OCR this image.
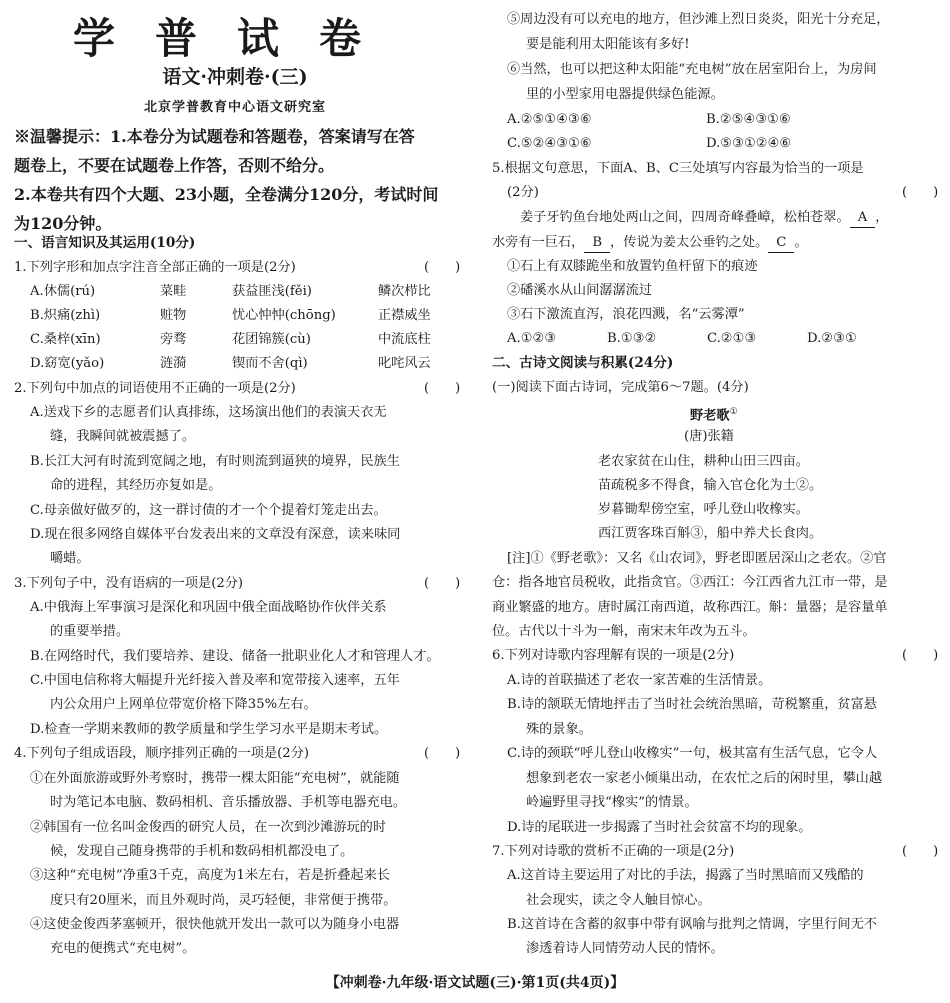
学普试卷
语文·冲刺卷·(三)
北京学普教育中心语文研究室
※温馨提示：1.本卷分为试题卷和答题卷，答案请写在答
题卷上，不要在试题卷上作答，否则不给分。
2.本卷共有四个大题、23小题，全卷满分120分，考试时间
为120分钟。
一、语言知识及其运用(10分)
1.下列字形和加点字注音全部正确的一项是(2分)	(　　)
A.休儒(rú)	菜畦	获益匪浅(fěi)	鳞次栉比
B.炽痛(zhì)	赃物	忧心忡忡(chōng)	正襟威坐
C.桑梓(xīn)	旁骛	花团锦簇(cù)	中流底柱
D.窈宽(yǎo)	涟漪	锲而不舍(qì)	叱咤风云
2.下列句中加点的词语使用不正确的一项是(2分)	(　　)
A.送戏下乡的志愿者们认真排练，这场演出他们的表演天衣无
缝，我瞬间就被震撼了。
B.长江大河有时流到宽阔之地，有时则流到逼狭的境界，民族生
命的进程，其经历亦复如是。
C.母亲做好做歹的，这一群讨债的才一个个提着灯笼走出去。
D.现在很多网络自媒体平台发表出来的文章没有深意，读来味同
嚼蜡。
3.下列句子中，没有语病的一项是(2分)	(　　)
A.中俄海上军事演习是深化和巩固中俄全面战略协作伙伴关系
的重要举措。
B.在网络时代，我们要培养、建设、储备一批职业化人才和管理人才。
C.中国电信称将大幅提升光纤接入普及率和宽带接入速率，五年
内公众用户上网单位带宽价格下降35%左右。
D.检查一学期来教师的教学质量和学生学习水平是期末考试。
4.下列句子组成语段，顺序排列正确的一项是(2分)	(　　)
①在外面旅游或野外考察时，携带一棵太阳能“充电树”，就能随
时为笔记本电脑、数码相机、音乐播放器、手机等电器充电。
②韩国有一位名叫金俊西的研究人员，在一次到沙滩游玩的时
候，发现自己随身携带的手机和数码相机都没电了。
③这种“充电树”净重3千克，高度为1米左右，若是折叠起来长
度只有20厘米，而且外观时尚，灵巧轻便，非常便于携带。
④这使金俊西茅塞顿开，很快他就开发出一款可以为随身小电器
充电的便携式“充电树”。
⑤周边没有可以充电的地方，但沙滩上烈日炎炎，阳光十分充足，
要是能利用太阳能该有多好!
⑥当然，也可以把这种太阳能“充电树”放在居室阳台上，为房间
里的小型家用电器提供绿色能源。
A.②⑤①④③⑥	B.②⑤④③①⑥
C.⑤②④③①⑥	D.⑤③①②④⑥
5.根据文句意思，下面A、B、C三处填写内容最为恰当的一项是
(2分)	(　　)
姜子牙钓鱼台地处两山之间，四周奇峰叠嶂，松柏苍翠。 A ，
水旁有一巨石， B ，传说为姜太公垂钓之处。 C 。
①石上有双膝跪坐和放置钓鱼杆留下的痕迹
②磻溪水从山间潺潺流过
③石下激流直泻，浪花四溅，名“云雾潭”
A.①②③	B.①③②	C.②①③	D.②③①
二、古诗文阅读与积累(24分)
(一)阅读下面古诗词，完成第6～7题。(4分)
野老歌①
(唐)张籍
老农家贫在山住，耕种山田三四亩。
苗疏税多不得食，输入官仓化为土②。
岁暮锄犁傍空室，呼儿登山收橡实。
西江贾客珠百斛③，船中养犬长食肉。
[注]①《野老歌》：又名《山农词》，野老即匿居深山之老农。②官
仓：指各地官员税收，此指贪官。③西江：今江西省九江市一带，是
商业繁盛的地方。唐时属江南西道，故称西江。斛：量器；是容量单
位。古代以十斗为一斛，南宋末年改为五斗。
6.下列对诗歌内容理解有误的一项是(2分)	(　　)
A.诗的首联描述了老农一家苦难的生活情景。
B.诗的颔联无情地抨击了当时社会统治黑暗，苛税繁重，贫富悬
殊的景象。
C.诗的颈联“呼儿登山收橡实”一句，极其富有生活气息，它令人
想象到老农一家老小倾巢出动，在农忙之后的闲时里，攀山越
岭遍野里寻找“橡实”的情景。
D.诗的尾联进一步揭露了当时社会贫富不均的现象。
7.下列对诗歌的赏析不正确的一项是(2分)	(　　)
A.这首诗主要运用了对比的手法，揭露了当时黑暗而又残酷的
社会现实，读之令人触目惊心。
B.这首诗在含蓄的叙事中带有讽喻与批判之情调，字里行间无不
渗透着诗人同情劳动人民的情怀。
【冲刺卷·九年级·语文试题(三)·第1页(共4页)】
